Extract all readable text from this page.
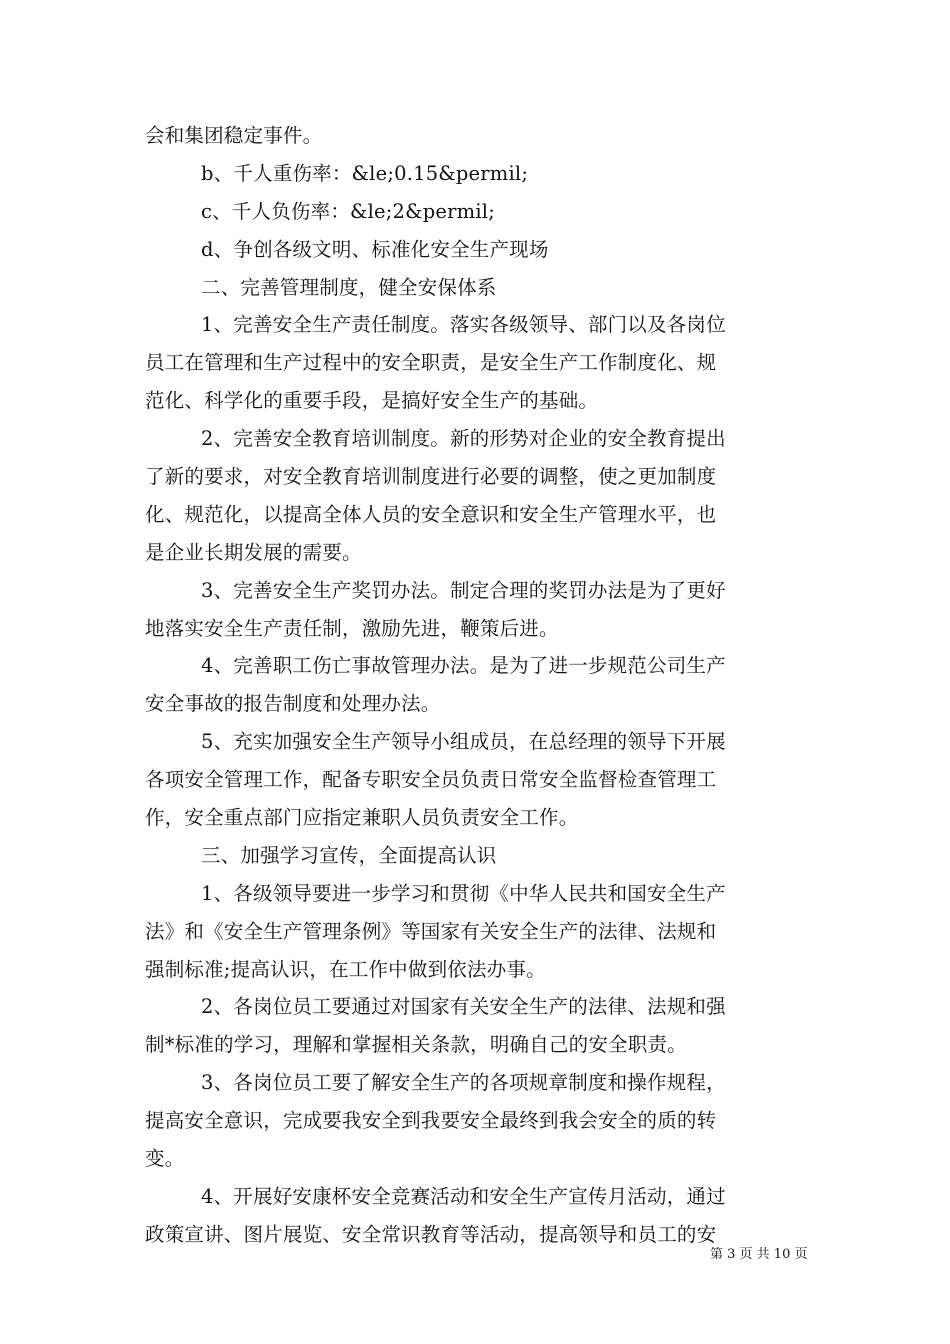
会和集团稳定事件。
b、千人重伤率：&le;0.15&permil;
c、千人负伤率：&le;2&permil;
d、争创各级文明、标准化安全生产现场
二、完善管理制度，健全安保体系
1、完善安全生产责任制度。落实各级领导、部门以及各岗位
员工在管理和生产过程中的安全职责，是安全生产工作制度化、规
范化、科学化的重要手段，是搞好安全生产的基础。
2、完善安全教育培训制度。新的形势对企业的安全教育提出
了新的要求，对安全教育培训制度进行必要的调整，使之更加制度
化、规范化，以提高全体人员的安全意识和安全生产管理水平，也
是企业长期发展的需要。
3、完善安全生产奖罚办法。制定合理的奖罚办法是为了更好
地落实安全生产责任制，激励先进，鞭策后进。
4、完善职工伤亡事故管理办法。是为了进一步规范公司生产
安全事故的报告制度和处理办法。
5、充实加强安全生产领导小组成员，在总经理的领导下开展
各项安全管理工作，配备专职安全员负责日常安全监督检查管理工
作，安全重点部门应指定兼职人员负责安全工作。
三、加强学习宣传，全面提高认识
1、各级领导要进一步学习和贯彻《中华人民共和国安全生产
法》和《安全生产管理条例》等国家有关安全生产的法律、法规和
强制标准;提高认识，在工作中做到依法办事。
2、各岗位员工要通过对国家有关安全生产的法律、法规和强
制*标准的学习，理解和掌握相关条款，明确自己的安全职责。
3、各岗位员工要了解安全生产的各项规章制度和操作规程，
提高安全意识，完成要我安全到我要安全最终到我会安全的质的转
变。
4、开展好安康杯安全竞赛活动和安全生产宣传月活动，通过
政策宣讲、图片展览、安全常识教育等活动，提高领导和员工的安
第 3 页 共 10 页
